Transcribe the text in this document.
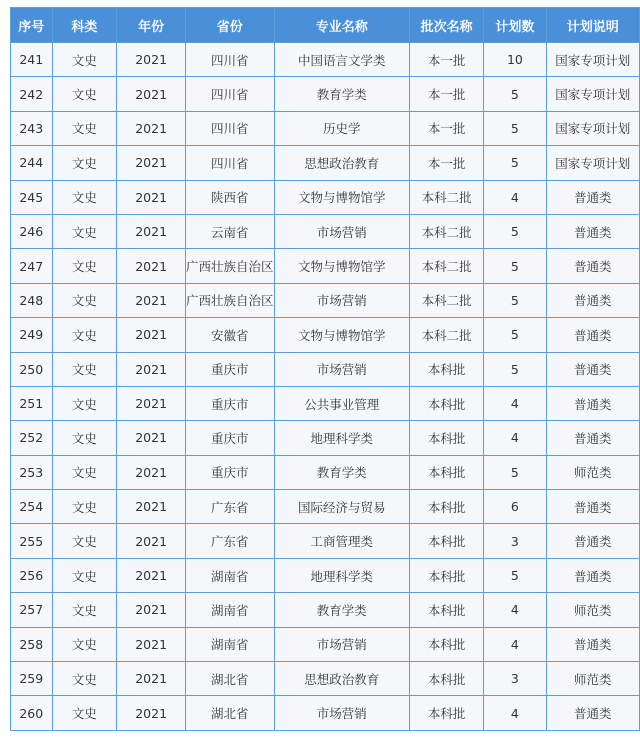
序号	科类	年份	省份	专业名称	批次名称	计划数	计划说明
241	文史	2021	四川省	中国语言文学类	本一批	10	国家专项计划
242	文史	2021	四川省	教育学类	本一批	5	国家专项计划
243	文史	2021	四川省	历史学	本一批	5	国家专项计划
244	文史	2021	四川省	思想政治教育	本一批	5	国家专项计划
245	文史	2021	陕西省	文物与博物馆学	本科二批	4	普通类
246	文史	2021	云南省	市场营销	本科二批	5	普通类
247	文史	2021	广西壮族自治区	文物与博物馆学	本科二批	5	普通类
248	文史	2021	广西壮族自治区	市场营销	本科二批	5	普通类
249	文史	2021	安徽省	文物与博物馆学	本科二批	5	普通类
250	文史	2021	重庆市	市场营销	本科批	5	普通类
251	文史	2021	重庆市	公共事业管理	本科批	4	普通类
252	文史	2021	重庆市	地理科学类	本科批	4	普通类
253	文史	2021	重庆市	教育学类	本科批	5	师范类
254	文史	2021	广东省	国际经济与贸易	本科批	6	普通类
255	文史	2021	广东省	工商管理类	本科批	3	普通类
256	文史	2021	湖南省	地理科学类	本科批	5	普通类
257	文史	2021	湖南省	教育学类	本科批	4	师范类
258	文史	2021	湖南省	市场营销	本科批	4	普通类
259	文史	2021	湖北省	思想政治教育	本科批	3	师范类
260	文史	2021	湖北省	市场营销	本科批	4	普通类
